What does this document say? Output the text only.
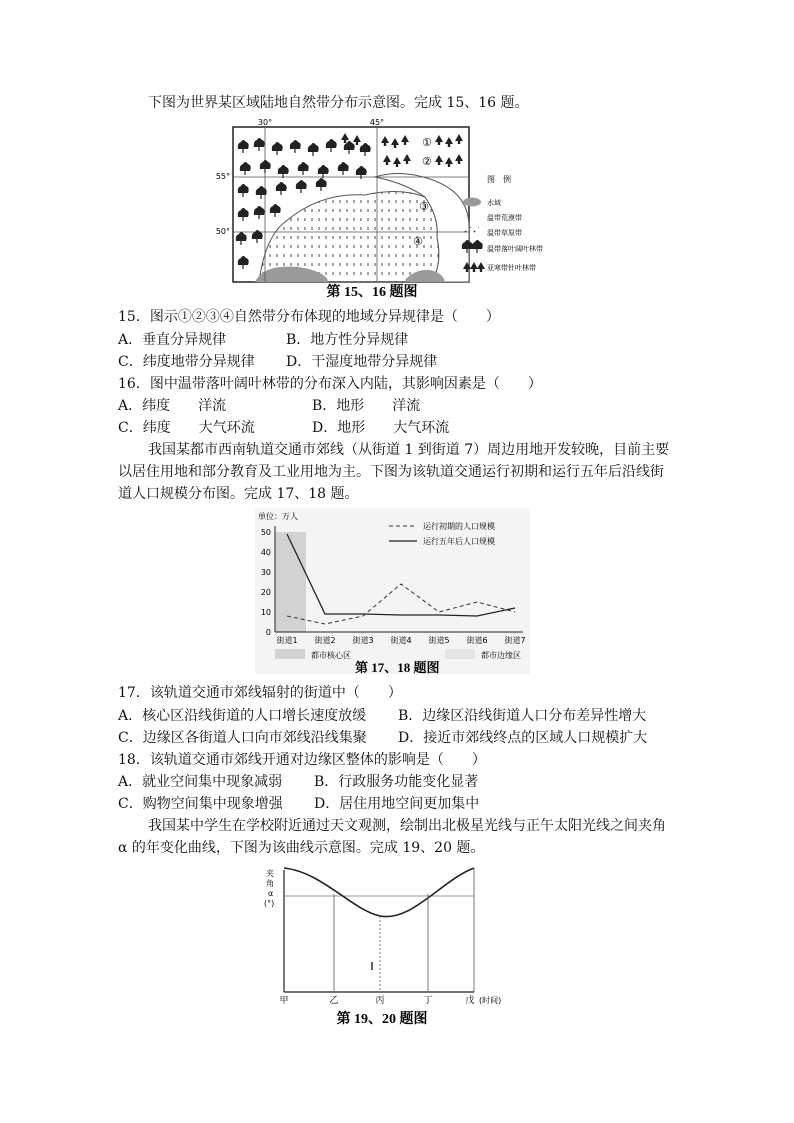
下图为世界某区域陆地自然带分布示意图。完成 15、16 题。
30°	45°
55°
50°
①
②
③
④
图　例
水域
温带荒漠带
温带草原带
温带落叶阔叶林带
亚寒带针叶林带
第 15、16 题图
15．图示①②③④自然带分布体现的地域分异规律是（　　）
A．垂直分异规律	B．地方性分异规律
C．纬度地带分异规律 D．干湿度地带分异规律
16．图中温带落叶阔叶林带的分布深入内陆，其影响因素是（　　）
A．纬度　　洋流	B．地形　　洋流
C．纬度　　大气环流	D．地形　　大气环流
我国某都市西南轨道交通市郊线（从街道 1 到街道 7）周边用地开发较晚，目前主要
以居住用地和部分教育及工业用地为主。下图为该轨道交通运行初期和运行五年后沿线街
道人口规模分布图。完成 17、18 题。
单位：万人
0
10
20
30
40
50
街道1 街道2 街道3 街道4 街道5 街道6 街道7
运行初期的人口规模
运行五年后人口规模
都市核心区	都市边缘区
第 17、18 题图
17．该轨道交通市郊线辐射的街道中（　　）
A．核心区沿线街道的人口增长速度放缓 B．边缘区沿线街道人口分布差异性增大
C．边缘区各街道人口向市郊线沿线集聚 D．接近市郊线终点的区域人口规模扩大
18．该轨道交通市郊线开通对边缘区整体的影响是（　　）
A．就业空间集中现象减弱 B．行政服务功能变化显著
C．购物空间集中现象增强 D．居住用地空间更加集中
我国某中学生在学校附近通过天文观测，绘制出北极星光线与正午太阳光线之间夹角
α 的年变化曲线，下图为该曲线示意图。完成 19、20 题。
夹
角
α
(°)
甲	乙	丙	丁	戊 (时间)
第 19、20 题图
